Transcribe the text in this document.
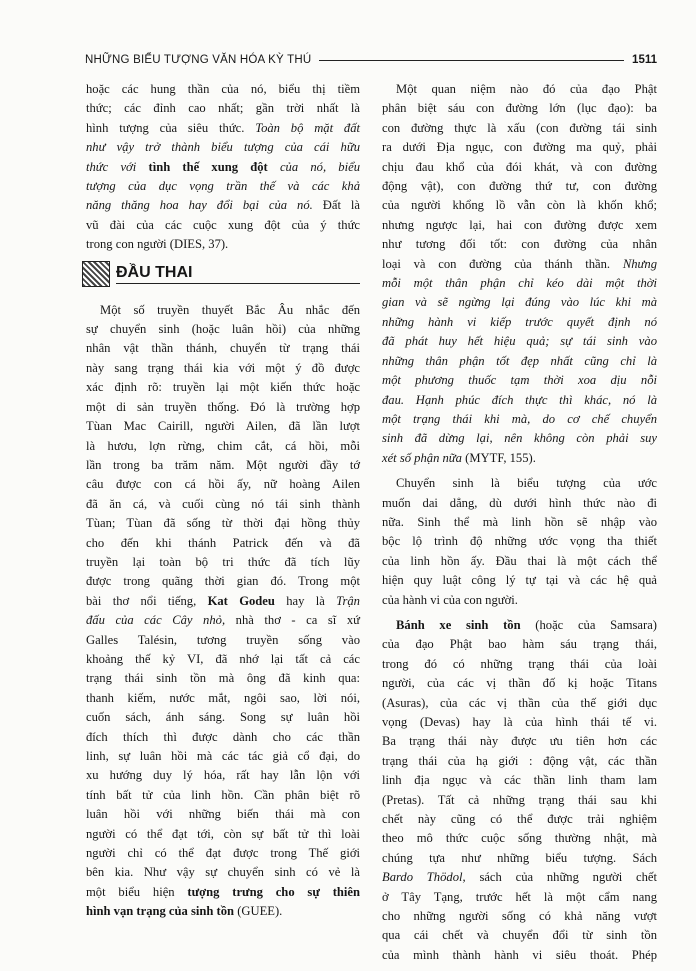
NHỮNG BIỂU TƯỢNG VĂN HÓA KỲ THÚ	1511
hoặc các hung thần của nó, biểu thị tiềm
thức; các đỉnh cao nhất; gần trời nhất là
hình tượng của siêu thức. Toàn bộ mặt đất
như vậy trở thành biểu tượng của cái hữu
thức với tình thế xung đột của nó, biểu
tượng của dục vọng trần thế và các khả
năng thăng hoa hay đổi bại của nó. Đất là
vũ đài của các cuộc xung đột của ý thức
trong con người (DIES, 37).
ĐẦU THAI
Một số truyền thuyết Bắc Âu nhắc đến
sự chuyển sinh (hoặc luân hồi) của những
nhân vật thần thánh, chuyển từ trạng thái
này sang trạng thái kia với một ý đồ được
xác định rõ: truyền lại một kiến thức hoặc
một di sản truyền thống. Đó là trường hợp
Tùan Mac Cairill, người Ailen, đã lần lượt
là hươu, lợn rừng, chim cắt, cá hồi, mỗi
lần trong ba trăm năm. Một người đầy tớ
câu được con cá hồi ấy, nữ hoàng Ailen
đã ăn cá, và cuối cùng nó tái sinh thành
Tùan; Tùan đã sống từ thời đại hồng thủy
cho đến khi thánh Patrick đến và đã
truyền lại toàn bộ tri thức đã tích lũy
được trong quãng thời gian đó. Trong một
bài thơ nổi tiếng, Kat Godeu hay là Trận
đấu của các Cây nhỏ, nhà thơ - ca sĩ xứ
Galles Talésin, tương truyền sống vào
khoảng thế kỷ VI, đã nhớ lại tất cả các
trạng thái sinh tồn mà ông đã kinh qua:
thanh kiếm, nước mắt, ngôi sao, lời nói,
cuốn sách, ánh sáng. Song sự luân hồi
đích thích thì được dành cho các thần
linh, sự luân hồi mà các tác giả cổ đại, do
xu hướng duy lý hóa, rất hay lẫn lộn với
tính bất tử của linh hồn. Cần phân biệt rõ
luân hồi với những biến thái mà con
người có thể đạt tới, còn sự bất tử thì loài
người chỉ có thể đạt được trong Thế giới
bên kia. Như vậy sự chuyển sinh có vẻ là
một biểu hiện tượng trưng cho sự thiên
hình vạn trạng của sinh tồn (GUEE).
Một quan niệm nào đó của đạo Phật
phân biệt sáu con đường lớn (lục đạo): ba
con đường thực là xấu (con đường tái sinh
ra dưới Địa ngục, con đường ma quỷ, phải
chịu đau khổ của đói khát, và con đường
động vật), con đường thứ tư, con đường
của người khổng lồ vẫn còn là khốn khổ;
nhưng ngược lại, hai con đường được xem
như tương đối tốt: con đường của nhân
loại và con đường của thánh thần. Nhưng
mỗi một thân phận chỉ kéo dài một thời
gian và sẽ ngừng lại đúng vào lúc khi mà
những hành vi kiếp trước quyết định nó
đã phát huy hết hiệu quả; sự tái sinh vào
những thân phận tốt đẹp nhất cũng chỉ là
một phương thuốc tạm thời xoa dịu nỗi
đau. Hạnh phúc đích thực thì khác, nó là
một trạng thái khi mà, do cơ chế chuyển
sinh đã dừng lại, nên không còn phải suy
xét số phận nữa (MYTF, 155).
Chuyển sinh là biểu tượng của ước
muốn dai dẳng, dù dưới hình thức nào đi
nữa. Sinh thể mà linh hồn sẽ nhập vào
bộc lộ trình độ những ước vọng tha thiết
của linh hồn ấy. Đầu thai là một cách thể
hiện quy luật công lý tự tại và các hệ quả
của hành vi của con người.
Bánh xe sinh tồn (hoặc của Samsara)
của đạo Phật bao hàm sáu trạng thái,
trong đó có những trạng thái của loài
người, của các vị thần đố kị hoặc Titans
(Asuras), của các vị thần của thế giới dục
vọng (Devas) hay là của hình thái tế vi.
Ba trạng thái này được ưu tiên hơn các
trạng thái của hạ giới : động vật, các thần
linh địa ngục và các thần linh tham lam
(Pretas). Tất cả những trạng thái sau khi
chết này cũng có thể được trải nghiệm
theo mô thức cuộc sống thường nhật, mà
chúng tựa như những biểu tượng. Sách
Bardo Thödol, sách của những người chết
ở Tây Tạng, trước hết là một cẩm nang
cho những người sống có khả năng vượt
qua cái chết và chuyển đổi từ sinh tồn
của mình thành hành vi siêu thoát. Phép
